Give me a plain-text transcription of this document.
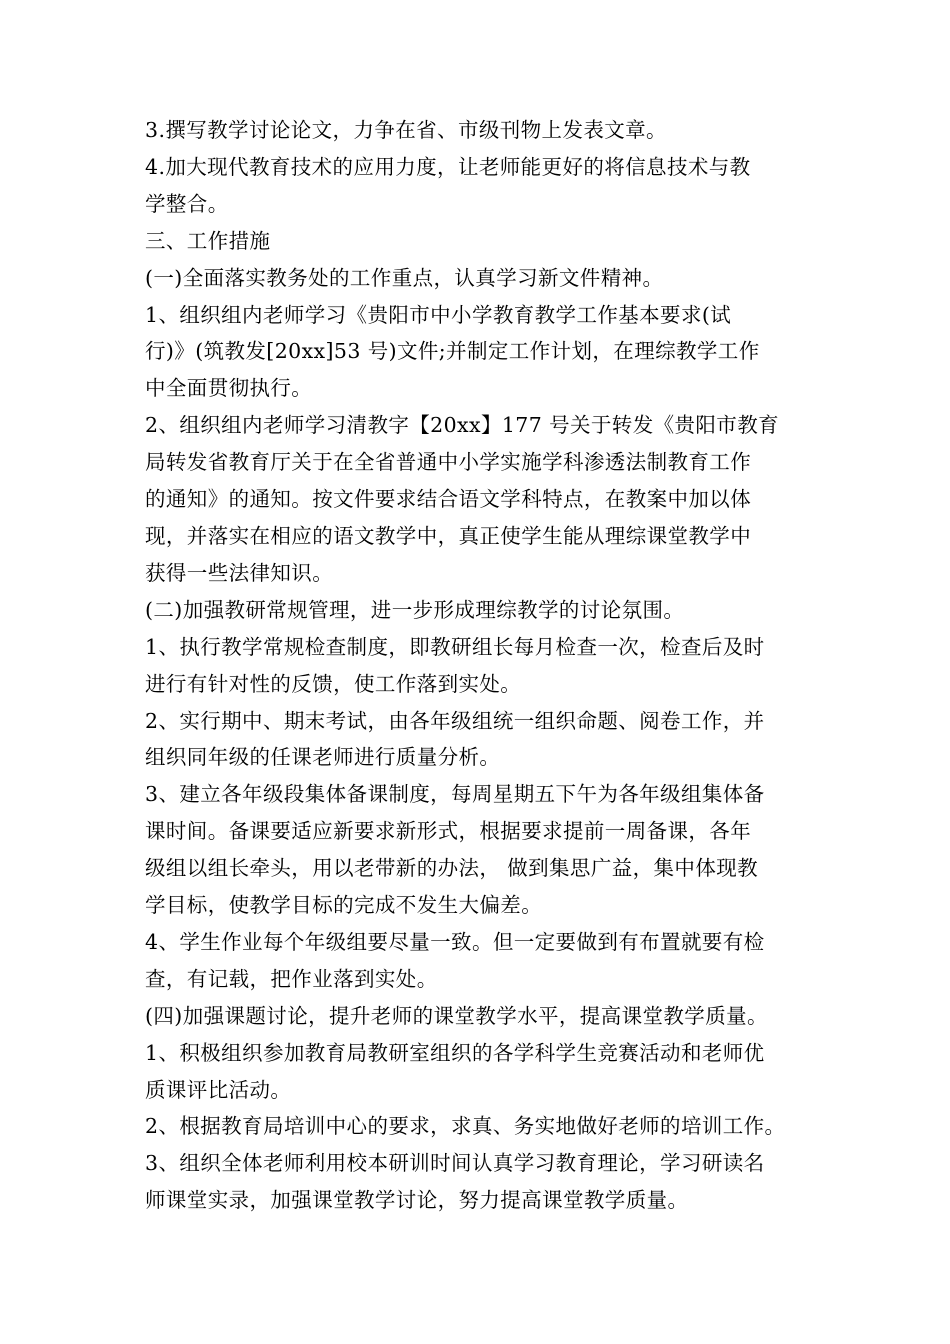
3.撰写教学讨论论文，力争在省、市级刊物上发表文章。

4.加大现代教育技术的应用力度，让老师能更好的将信息技术与教

学整合。

三、工作措施

(一)全面落实教务处的工作重点，认真学习新文件精神。

1、组织组内老师学习《贵阳市中小学教育教学工作基本要求(试

行)》(筑教发[20xx]53 号)文件;并制定工作计划，在理综教学工作

中全面贯彻执行。

2、组织组内老师学习清教字【20xx】177 号关于转发《贵阳市教育

局转发省教育厅关于在全省普通中小学实施学科渗透法制教育工作

的通知》的通知。按文件要求结合语文学科特点，在教案中加以体

现，并落实在相应的语文教学中，真正使学生能从理综课堂教学中

获得一些法律知识。

(二)加强教研常规管理，进一步形成理综教学的讨论氛围。

1、执行教学常规检查制度，即教研组长每月检查一次，检查后及时

进行有针对性的反馈，使工作落到实处。

2、实行期中、期末考试，由各年级组统一组织命题、阅卷工作，并

组织同年级的任课老师进行质量分析。

3、建立各年级段集体备课制度，每周星期五下午为各年级组集体备

课时间。备课要适应新要求新形式，根据要求提前一周备课，各年

级组以组长牵头，用以老带新的办法， 做到集思广益，集中体现教

学目标，使教学目标的完成不发生大偏差。

4、学生作业每个年级组要尽量一致。但一定要做到有布置就要有检

查，有记载，把作业落到实处。

(四)加强课题讨论，提升老师的课堂教学水平，提高课堂教学质量。

1、积极组织参加教育局教研室组织的各学科学生竞赛活动和老师优

质课评比活动。

2、根据教育局培训中心的要求，求真、务实地做好老师的培训工作。

3、组织全体老师利用校本研训时间认真学习教育理论，学习研读名

师课堂实录，加强课堂教学讨论，努力提高课堂教学质量。
